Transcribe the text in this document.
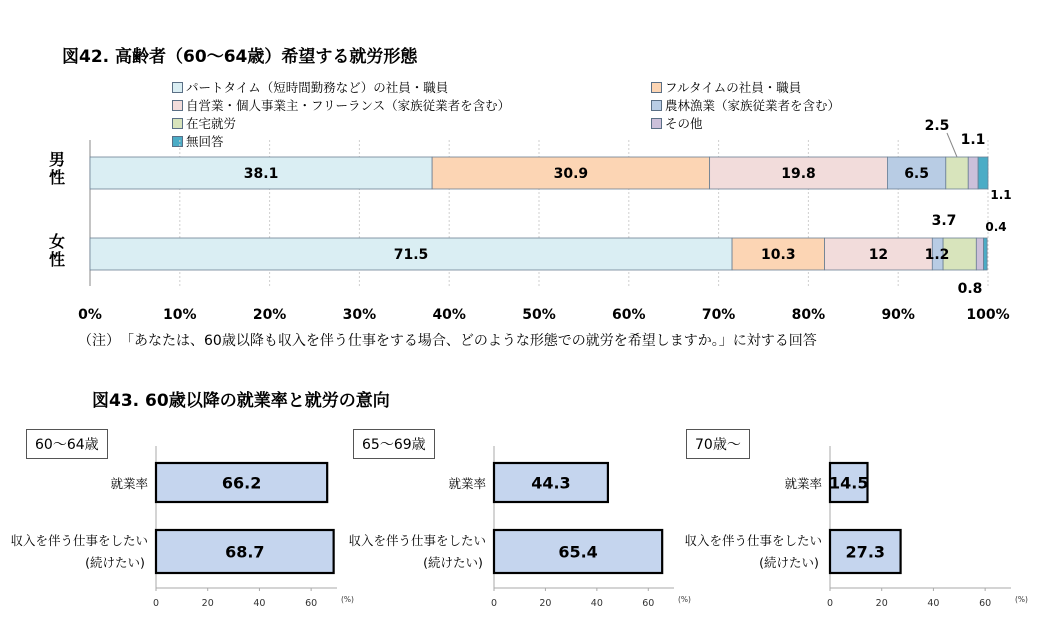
図42. 高齢者（60～64歳）希望する就労形態
パートタイム（短時間勤務など）の社員・職員	フルタイムの社員・職員
自営業・個人事業主・フリーランス（家族従業者を含む）	農林漁業（家族従業者を含む）
在宅就労	その他
無回答
0%	10%	20%	30%	40%	50%	60%	70%	80%	90%	100%
男性
女性
38.1	30.9	19.8	6.5
2.5
1.1
1.1
71.5	10.3	12	1.2
3.7
0.8
0.4
（注）　「あなたは、60歳以降も収入を伴う仕事をする場合、どのような形態での就労を希望しますか。」に対する回答
図43. 60歳以降の就業率と就労の意向
0	20	40	60	(%)
就業率
収入を伴う仕事をしたい
(続けたい)
66.2
68.7
0	20	40	60	(%)
就業率
収入を伴う仕事をしたい
(続けたい)
44.3
65.4
0	20	40	60	(%)
就業率
収入を伴う仕事をしたい
(続けたい)
14.5
27.3
60～64歳	65～69歳	70歳～
